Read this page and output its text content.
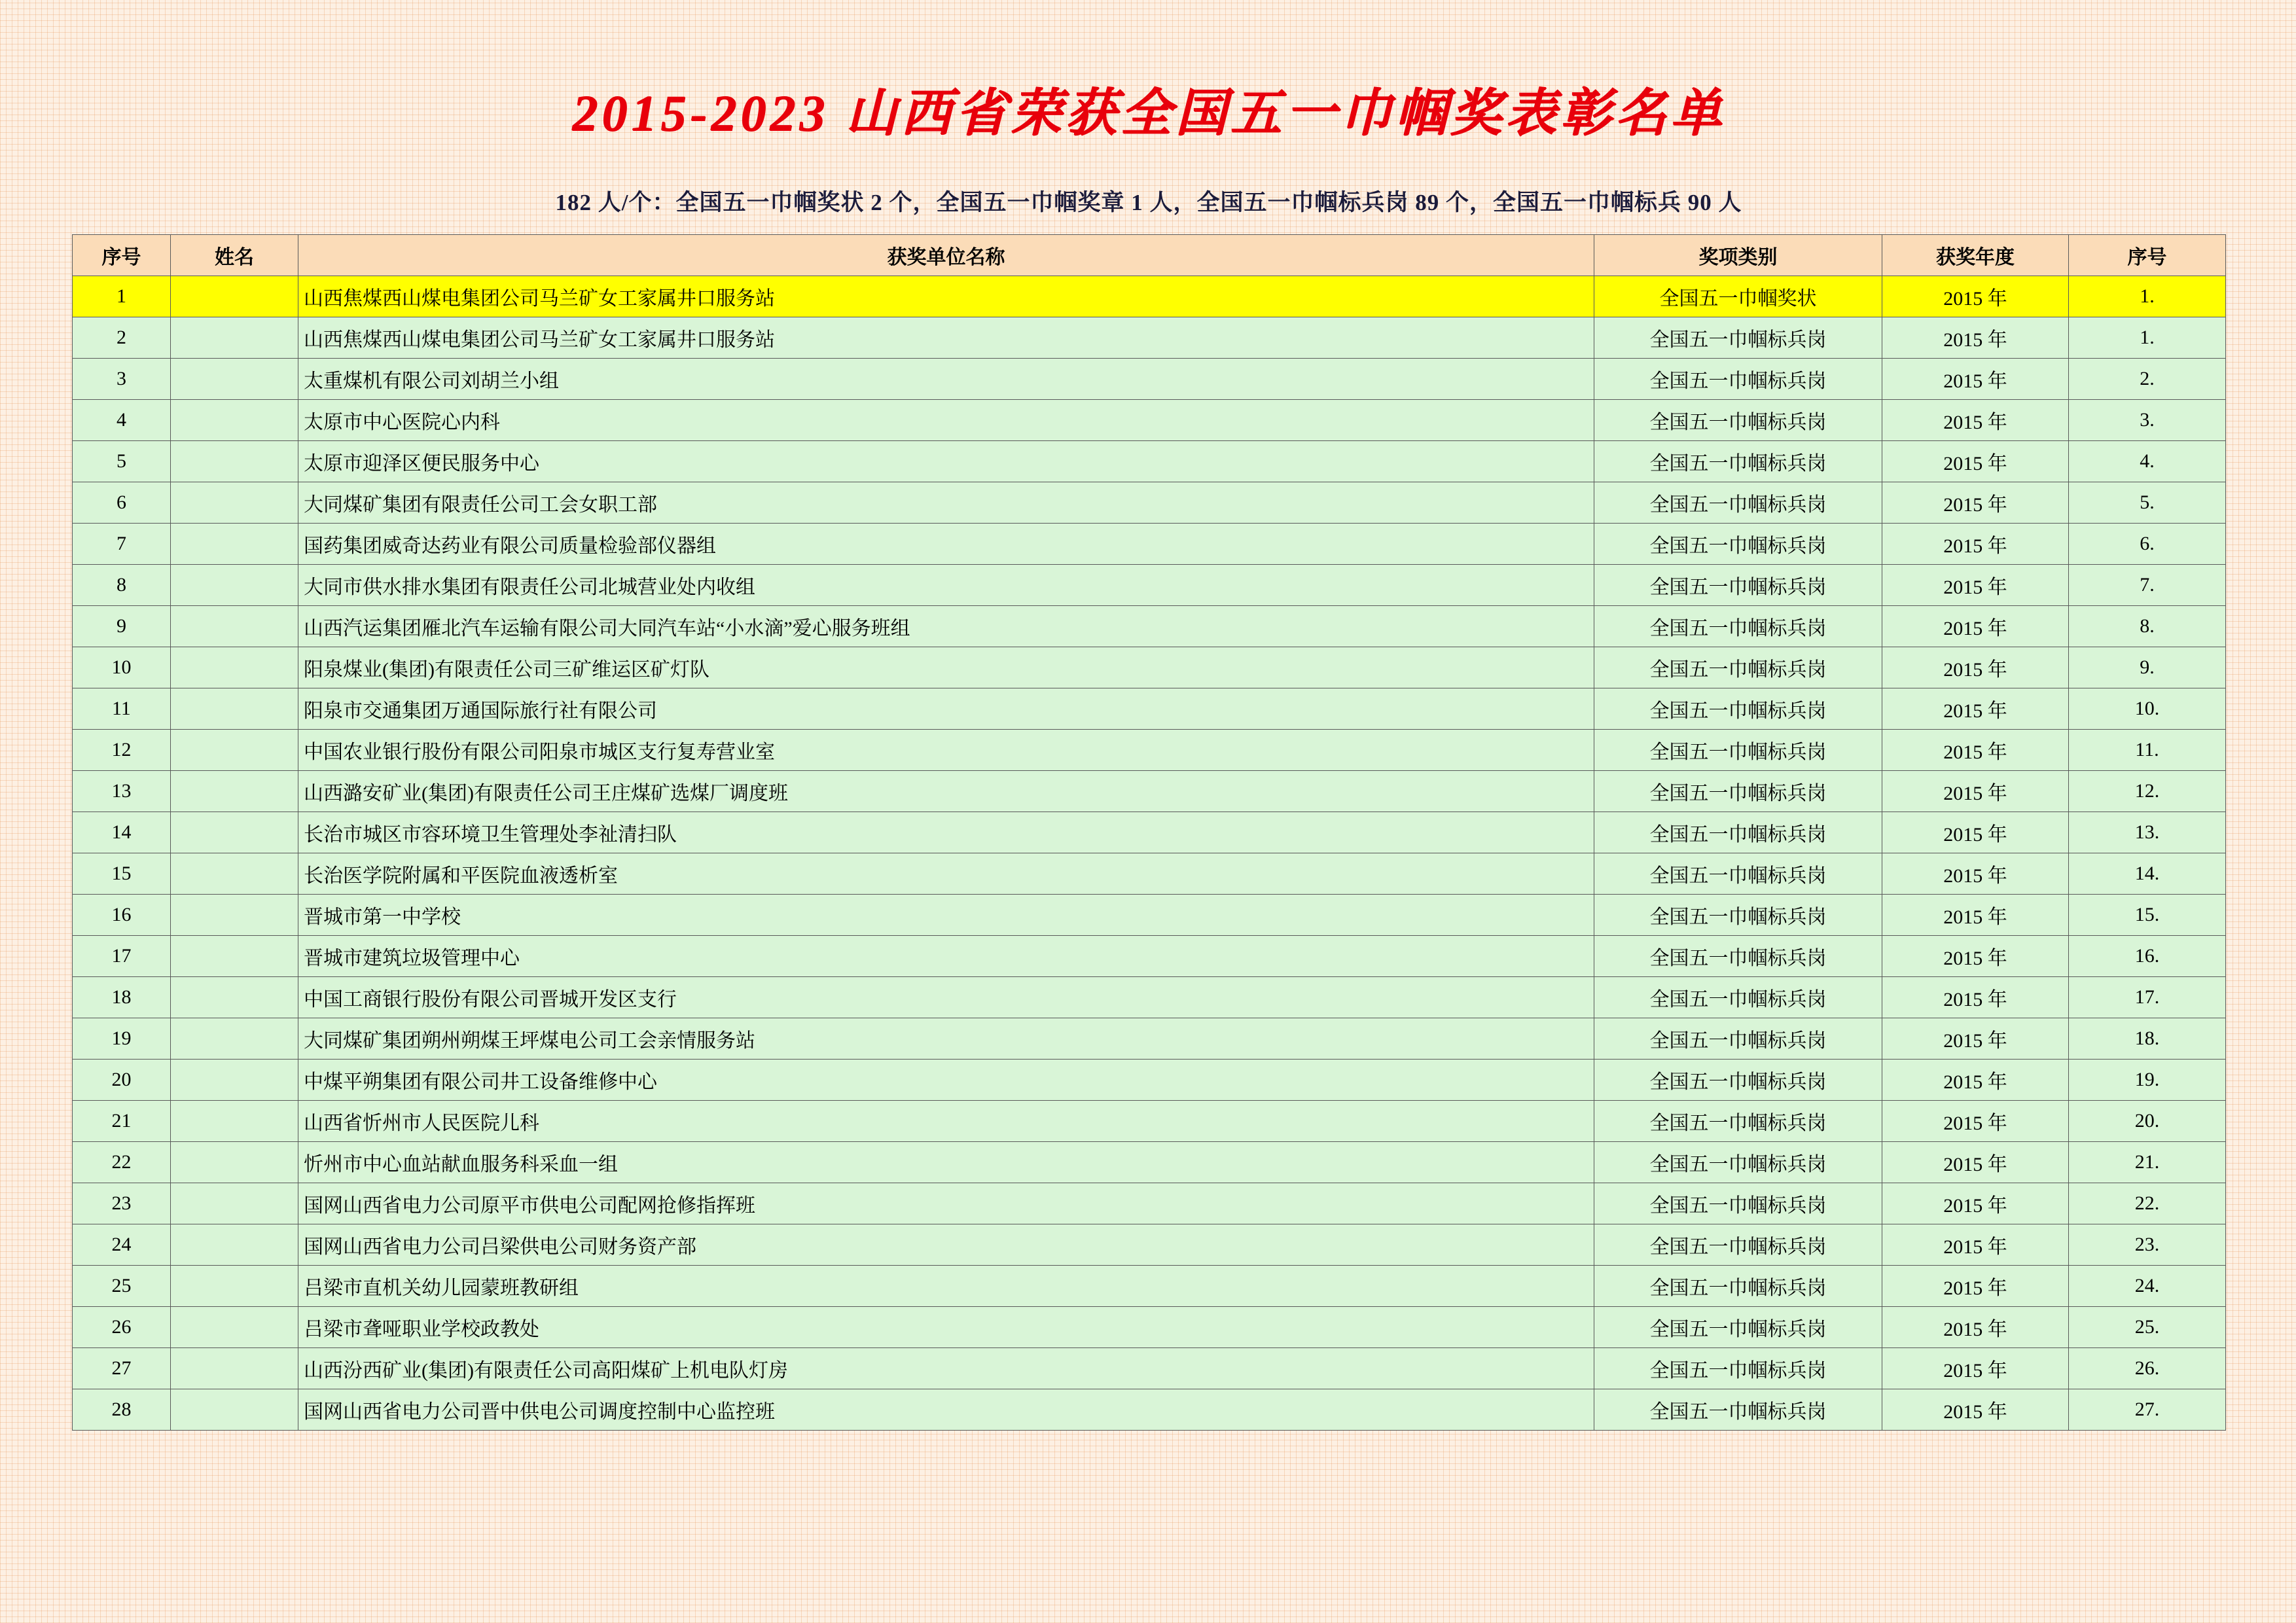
2015-2023 山西省荣获全国五一巾帼奖表彰名单
182 人/个：全国五一巾帼奖状 2 个，全国五一巾帼奖章 1 人，全国五一巾帼标兵岗 89 个，全国五一巾帼标兵 90 人
序号	姓名	获奖单位名称	奖项类别	获奖年度	序号
1		山西焦煤西山煤电集团公司马兰矿女工家属井口服务站	全国五一巾帼奖状	2015 年	1.
2		山西焦煤西山煤电集团公司马兰矿女工家属井口服务站	全国五一巾帼标兵岗	2015 年	1.
3		太重煤机有限公司刘胡兰小组	全国五一巾帼标兵岗	2015 年	2.
4		太原市中心医院心内科	全国五一巾帼标兵岗	2015 年	3.
5		太原市迎泽区便民服务中心	全国五一巾帼标兵岗	2015 年	4.
6		大同煤矿集团有限责任公司工会女职工部	全国五一巾帼标兵岗	2015 年	5.
7		国药集团威奇达药业有限公司质量检验部仪器组	全国五一巾帼标兵岗	2015 年	6.
8		大同市供水排水集团有限责任公司北城营业处内收组	全国五一巾帼标兵岗	2015 年	7.
9		山西汽运集团雁北汽车运输有限公司大同汽车站“小水滴”爱心服务班组	全国五一巾帼标兵岗	2015 年	8.
10		阳泉煤业(集团)有限责任公司三矿维运区矿灯队	全国五一巾帼标兵岗	2015 年	9.
11		阳泉市交通集团万通国际旅行社有限公司	全国五一巾帼标兵岗	2015 年	10.
12		中国农业银行股份有限公司阳泉市城区支行复寿营业室	全国五一巾帼标兵岗	2015 年	11.
13		山西潞安矿业(集团)有限责任公司王庄煤矿选煤厂调度班	全国五一巾帼标兵岗	2015 年	12.
14		长治市城区市容环境卫生管理处李祉清扫队	全国五一巾帼标兵岗	2015 年	13.
15		长治医学院附属和平医院血液透析室	全国五一巾帼标兵岗	2015 年	14.
16		晋城市第一中学校	全国五一巾帼标兵岗	2015 年	15.
17		晋城市建筑垃圾管理中心	全国五一巾帼标兵岗	2015 年	16.
18		中国工商银行股份有限公司晋城开发区支行	全国五一巾帼标兵岗	2015 年	17.
19		大同煤矿集团朔州朔煤王坪煤电公司工会亲情服务站	全国五一巾帼标兵岗	2015 年	18.
20		中煤平朔集团有限公司井工设备维修中心	全国五一巾帼标兵岗	2015 年	19.
21		山西省忻州市人民医院儿科	全国五一巾帼标兵岗	2015 年	20.
22		忻州市中心血站献血服务科采血一组	全国五一巾帼标兵岗	2015 年	21.
23		国网山西省电力公司原平市供电公司配网抢修指挥班	全国五一巾帼标兵岗	2015 年	22.
24		国网山西省电力公司吕梁供电公司财务资产部	全国五一巾帼标兵岗	2015 年	23.
25		吕梁市直机关幼儿园蒙班教研组	全国五一巾帼标兵岗	2015 年	24.
26		吕梁市聋哑职业学校政教处	全国五一巾帼标兵岗	2015 年	25.
27		山西汾西矿业(集团)有限责任公司高阳煤矿上机电队灯房	全国五一巾帼标兵岗	2015 年	26.
28		国网山西省电力公司晋中供电公司调度控制中心监控班	全国五一巾帼标兵岗	2015 年	27.
